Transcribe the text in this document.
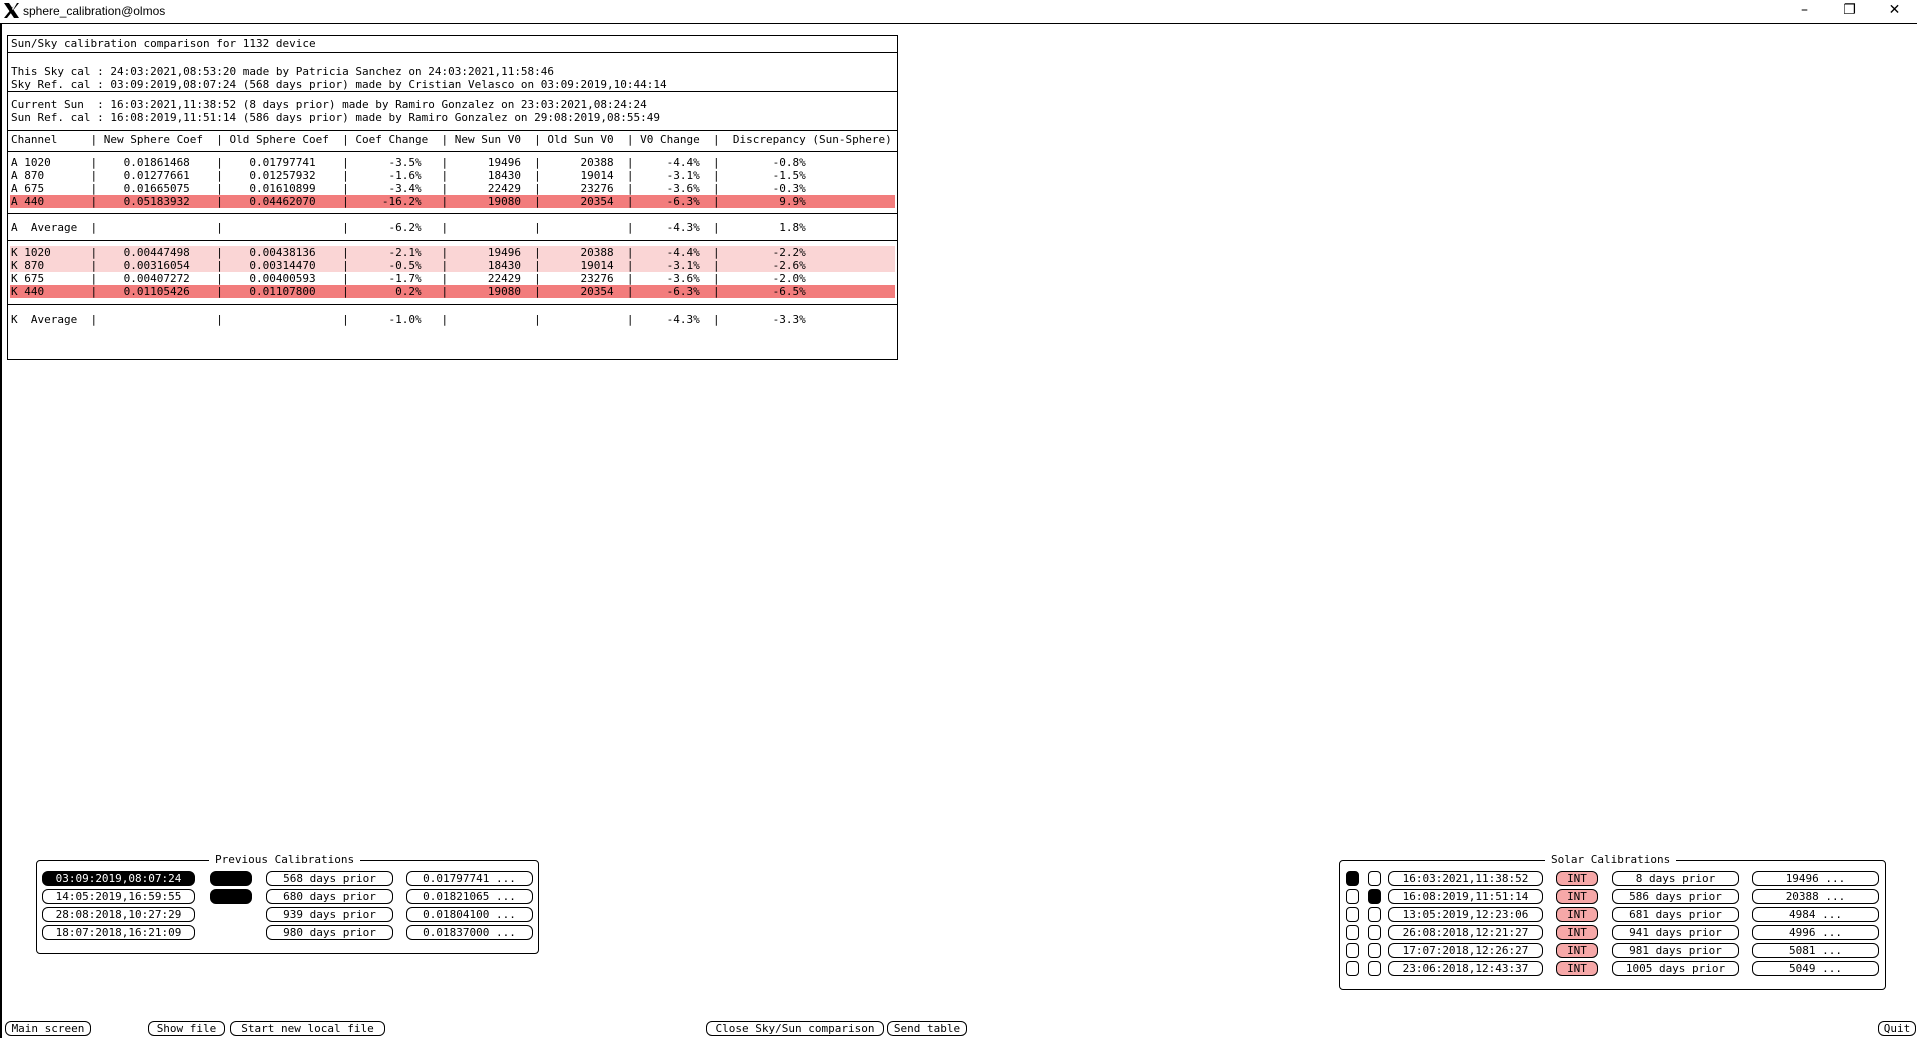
sphere_calibration@olmos	–	❐	✕
Sun/Sky calibration comparison for 1132 device
This Sky cal : 24:03:2021,08:53:20 made by Patricia Sanchez on 24:03:2021,11:58:46
Sky Ref. cal : 03:09:2019,08:07:24 (568 days prior) made by Cristian Velasco on 03:09:2019,10:44:14
Current Sun  : 16:03:2021,11:38:52 (8 days prior) made by Ramiro Gonzalez on 23:03:2021,08:24:24
Sun Ref. cal : 16:08:2019,11:51:14 (586 days prior) made by Ramiro Gonzalez on 29:08:2019,08:55:49
Channel     | New Sphere Coef  | Old Sphere Coef  | Coef Change  | New Sun V0  | Old Sun V0  | V0 Change  |  Discrepancy (Sun-Sphere)
A 1020      |    0.01861468    |    0.01797741    |      -3.5%   |      19496  |      20388  |     -4.4%  |        -0.8%
A 870       |    0.01277661    |    0.01257932    |      -1.6%   |      18430  |      19014  |     -3.1%  |        -1.5%
A 675       |    0.01665075    |    0.01610899    |      -3.4%   |      22429  |      23276  |     -3.6%  |        -0.3%
A 440       |    0.05183932    |    0.04462070    |     -16.2%   |      19080  |      20354  |     -6.3%  |         9.9%
A  Average  |                  |                  |      -6.2%   |             |             |     -4.3%  |         1.8%
K 1020      |    0.00447498    |    0.00438136    |      -2.1%   |      19496  |      20388  |     -4.4%  |        -2.2%
K 870       |    0.00316054    |    0.00314470    |      -0.5%   |      18430  |      19014  |     -3.1%  |        -2.6%
K 675       |    0.00407272    |    0.00400593    |      -1.7%   |      22429  |      23276  |     -3.6%  |        -2.0%
K 440       |    0.01105426    |    0.01107800    |       0.2%   |      19080  |      20354  |     -6.3%  |        -6.5%
K  Average  |                  |                  |      -1.0%   |             |             |     -4.3%  |        -3.3%
Previous Calibrations
03:09:2019,08:07:24	568 days prior	0.01797741 ...
14:05:2019,16:59:55	680 days prior	0.01821065 ...
28:08:2018,10:27:29	939 days prior	0.01804100 ...
18:07:2018,16:21:09	980 days prior	0.01837000 ...
Solar Calibrations
16:03:2021,11:38:52	INT	8 days prior	19496 ...
16:08:2019,11:51:14	INT	586 days prior	20388 ...
13:05:2019,12:23:06	INT	681 days prior	4984 ...
26:08:2018,12:21:27	INT	941 days prior	4996 ...
17:07:2018,12:26:27	INT	981 days prior	5081 ...
23:06:2018,12:43:37	INT	1005 days prior	5049 ...
Main screen	Show file	Start new local file	Close Sky/Sun comparison	Send table	Quit
